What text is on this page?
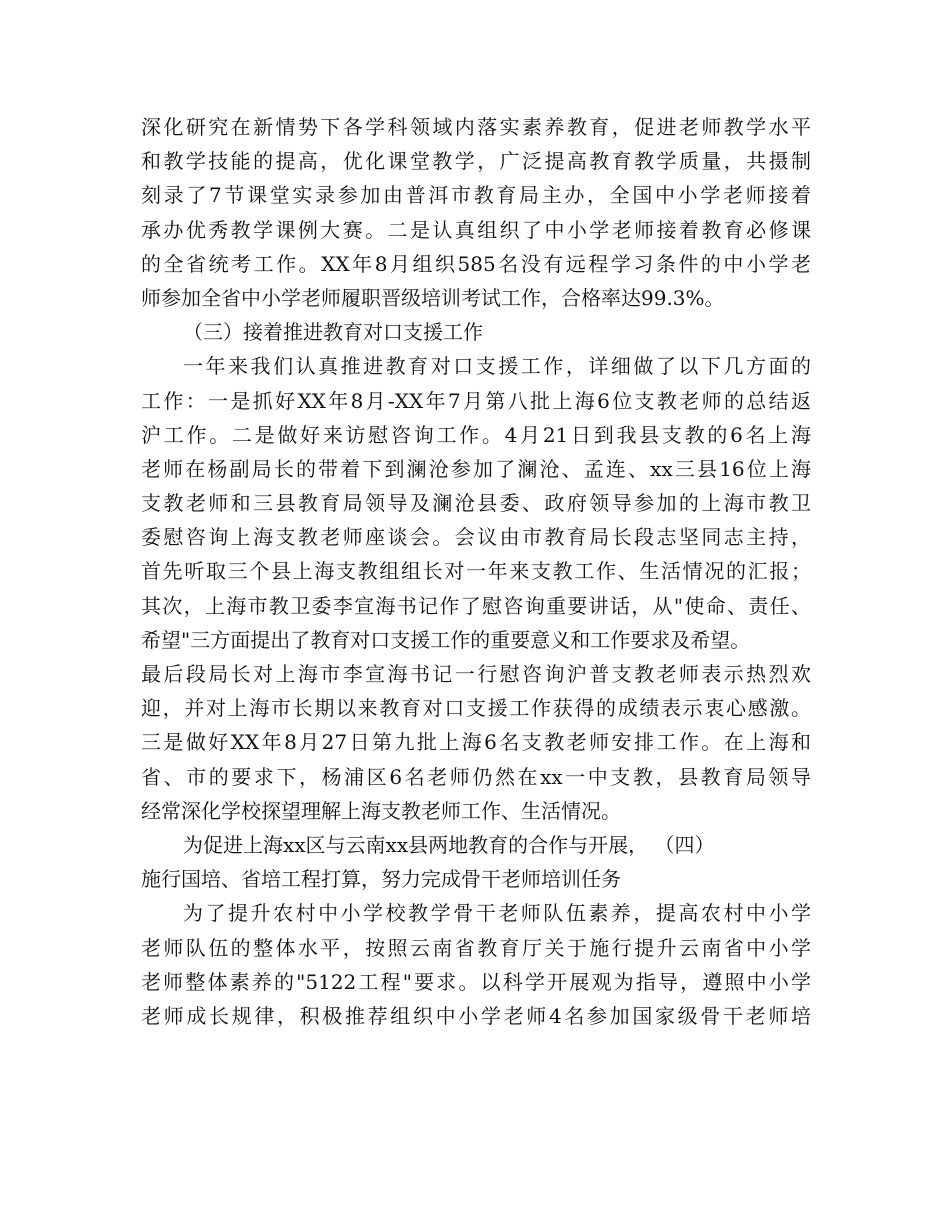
深化研究在新情势下各学科领域内落实素养教育，促进老师教学水平
和教学技能的提高，优化课堂教学，广泛提高教育教学质量，共摄制
刻录了7节课堂实录参加由普洱市教育局主办，全国中小学老师接着
承办优秀教学课例大赛。二是认真组织了中小学老师接着教育必修课
的全省统考工作。XX年8月组织585名没有远程学习条件的中小学老
师参加全省中小学老师履职晋级培训考试工作，合格率达99.3%。
（三）接着推进教育对口支援工作
一年来我们认真推进教育对口支援工作，详细做了以下几方面的
工作：一是抓好XX年8月-XX年7月第八批上海6位支教老师的总结返
沪工作。二是做好来访慰咨询工作。4月21日到我县支教的6名上海
老师在杨副局长的带着下到澜沧参加了澜沧、孟连、xx三县16位上海
支教老师和三县教育局领导及澜沧县委、政府领导参加的上海市教卫
委慰咨询上海支教老师座谈会。会议由市教育局长段志坚同志主持，
首先听取三个县上海支教组组长对一年来支教工作、生活情况的汇报；
其次，上海市教卫委李宣海书记作了慰咨询重要讲话，从"使命、责任、
希望"三方面提出了教育对口支援工作的重要意义和工作要求及希望。
最后段局长对上海市李宣海书记一行慰咨询沪普支教老师表示热烈欢
迎，并对上海市长期以来教育对口支援工作获得的成绩表示衷心感激。
三是做好XX年8月27日第九批上海6名支教老师安排工作。在上海和
省、市的要求下，杨浦区6名老师仍然在xx一中支教，县教育局领导
经常深化学校探望理解上海支教老师工作、生活情况。
为促进上海xx区与云南xx县两地教育的合作与开展， （四）
施行国培、省培工程打算，努力完成骨干老师培训任务
为了提升农村中小学校教学骨干老师队伍素养，提高农村中小学
老师队伍的整体水平，按照云南省教育厅关于施行提升云南省中小学
老师整体素养的"5122工程"要求。以科学开展观为指导，遵照中小学
老师成长规律，积极推荐组织中小学老师4名参加国家级骨干老师培
